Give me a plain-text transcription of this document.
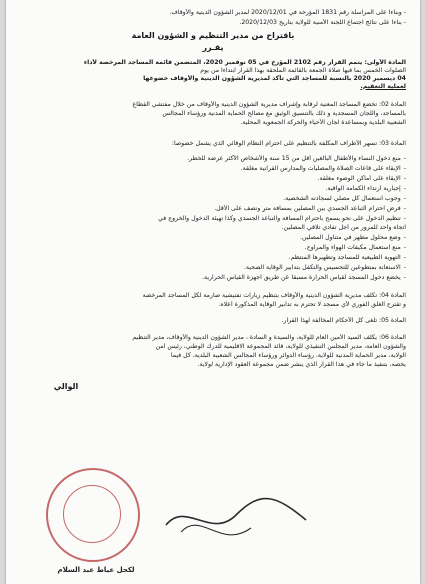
- وبناءا على المراسلة رقم 1831 المؤرخة في 2020/12/01 لمدير الشؤون الدينية والأوقاف.
- بناءا على نتائج اجتماع اللجنة الأمنية للولاية بتاريخ 2020/12/03.
باقتراح من مدير التنظيم و الشؤون العامة
يقـرر
المادة الأولى: يتمم القرار رقم 2102 المؤرخ في 05 نوفمبر 2020، المتضمن قائمة المساجد المرخصة لأداء
الصلوات الخمس بما فيها صلاة الجمعة بالقائمة الملحقة بهذا القرار ابتداءا من يوم
04 ديسمبر 2020 بالنسبة للمساجد التي تأكد لمديرية الشؤون الدينية والأوقاف خضوعها
لعملية التعقيم.
المادة 02: تخضع المساجد المعنية لرقابة وإشراف مديرية الشؤون الدينية والأوقاف من خلال مفتشي القطاع
بالمساجد، واللجان المسجدية و ذلك بالتنسيق الوثيق مع مصالح الحماية المدنية ورؤساء المجالس
الشعبية البلدية وبمساعدة لجان الأحياء والحركة الجمعوية المحلية.
المادة 03: تسهر الأطراف المكلفة بالتنظيم على احترام النظام الوقائي الذي يشمل خصوصا:
- منع دخول النساء والأطفال البالغين أقل من 15 سنة والأشخاص الأكثر عرضة للخطر.
- الإبقاء على قاعات الصلاة والمصليات والمدارس القرآنية مغلقة.
- الإبقاء على أماكن الوضوء مغلقة.
- إجبارية ارتداء الكمامة الواقية.
- وجوب استعمال كل مصلي لسجادته الشخصية.
- فرض احترام التباعد الجسدي بين المصلين بمسافة مترٍ ونصف على الأقل.
- تنظيم الدخول على نحو يسمح باحترام المسافة والتباعد الجسدي وكذا تهيئة الدخول والخروج في
اتجاه واحد للمرور من أجل تفادي تلاقي المصلين.
- وضع محلول مطهر في متناول المصلين.
- منع استعمال مكيفات الهواء والمراوح.
- التهوية الطبيعية للمساجد وتطهيرها المنتظم.
- الاستعانة بمتطوعين للتحسيس والتكفل بتدابير الوقاية الصحية.
- يخضع دخول المسجد لقياس الحرارة مسبقا عن طريق أجهزة القياس الحرارية.
المادة 04: تكلف مديرية الشؤون الدينية والأوقاف بتنظيم زيارات تفتيشية صارمة لكل المساجد المرخصة
و تقترح الغلق الفوري لأي مسجد لا تحترم به تدابير الوقاية المذكورة أعلاه.
المادة 05: تلغى كل الأحكام المخالفة لهذا القرار.
المادة 06: يكلف السيد الأمين العام للولاية، والسيدة و السادة ، مدير الشؤون الدينية والأوقاف، مدير التنظيم
والشؤون العامة، مدير المجلس التنفيذي للولاية، قائد المجموعة الاقليمية للدرك الوطني، رئيس أمن
الولاية، مدير الحماية المدنية للولاية، رؤساء الدوائر ورؤساء المجالس الشعبية البلدية، كل فيما
يخصه، بتنفيذ ما جاء في هذا القرار الذي ينشر ضمن مجموعة العقود الإدارية لولاية.
الوالي
لكحل عياط عبد السلام
